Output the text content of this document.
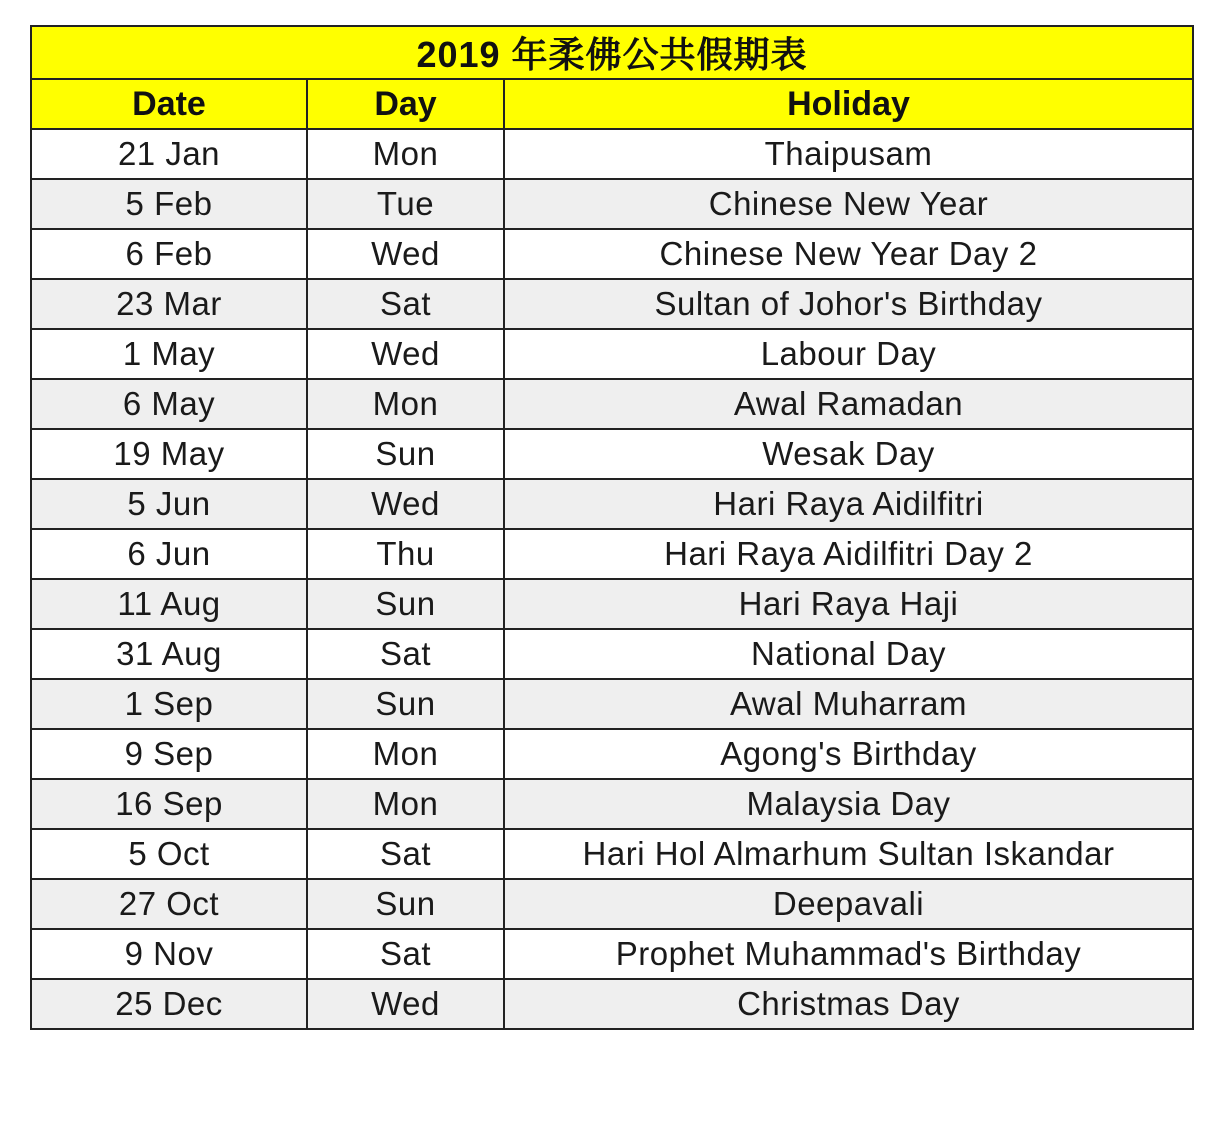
2019 年柔佛公共假期表		
Date	Day	Holiday
21 Jan	Mon	Thaipusam
5 Feb	Tue	Chinese New Year
6 Feb	Wed	Chinese New Year Day 2
23 Mar	Sat	Sultan of Johor's Birthday
1 May	Wed	Labour Day
6 May	Mon	Awal Ramadan
19 May	Sun	Wesak Day
5 Jun	Wed	Hari Raya Aidilfitri
6 Jun	Thu	Hari Raya Aidilfitri Day 2
11 Aug	Sun	Hari Raya Haji
31 Aug	Sat	National Day
1 Sep	Sun	Awal Muharram
9 Sep	Mon	Agong's Birthday
16 Sep	Mon	Malaysia Day
5 Oct	Sat	Hari Hol Almarhum Sultan Iskandar
27 Oct	Sun	Deepavali
9 Nov	Sat	Prophet Muhammad's Birthday
25 Dec	Wed	Christmas Day
